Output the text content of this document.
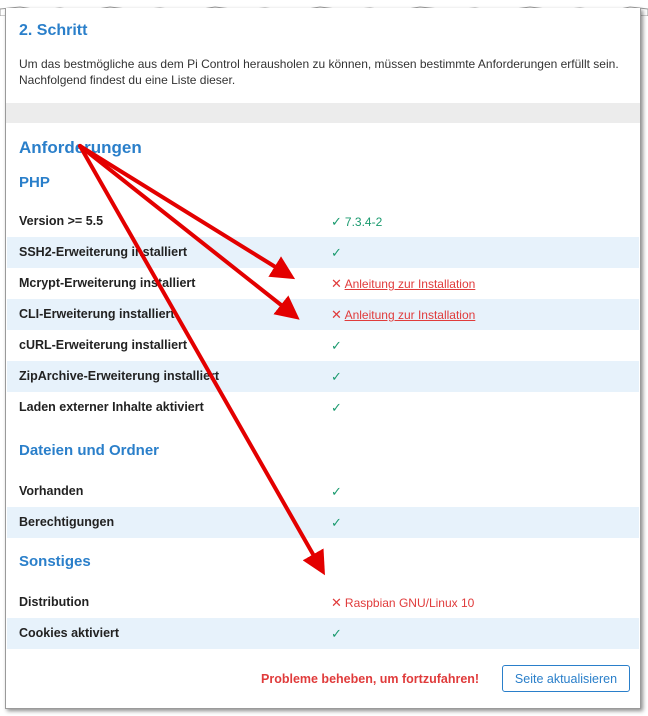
2. Schritt
Um das bestmögliche aus dem Pi Control herausholen zu können, müssen bestimmte Anforderungen erfüllt sein. Nachfolgend findest du eine Liste dieser.
Anforderungen
PHP
Version >= 5.5	✓ 7.3.4-2
SSH2-Erweiterung installiert	✓
Mcrypt-Erweiterung installiert	✕ Anleitung zur Installation
CLI-Erweiterung installiert	✕ Anleitung zur Installation
cURL-Erweiterung installiert	✓
ZipArchive-Erweiterung installiert	✓
Laden externer Inhalte aktiviert	✓
Dateien und Ordner
Vorhanden	✓
Berechtigungen	✓
Sonstiges
Distribution	✕ Raspbian GNU/Linux 10
Cookies aktiviert	✓
Probleme beheben, um fortzufahren!	Seite aktualisieren
